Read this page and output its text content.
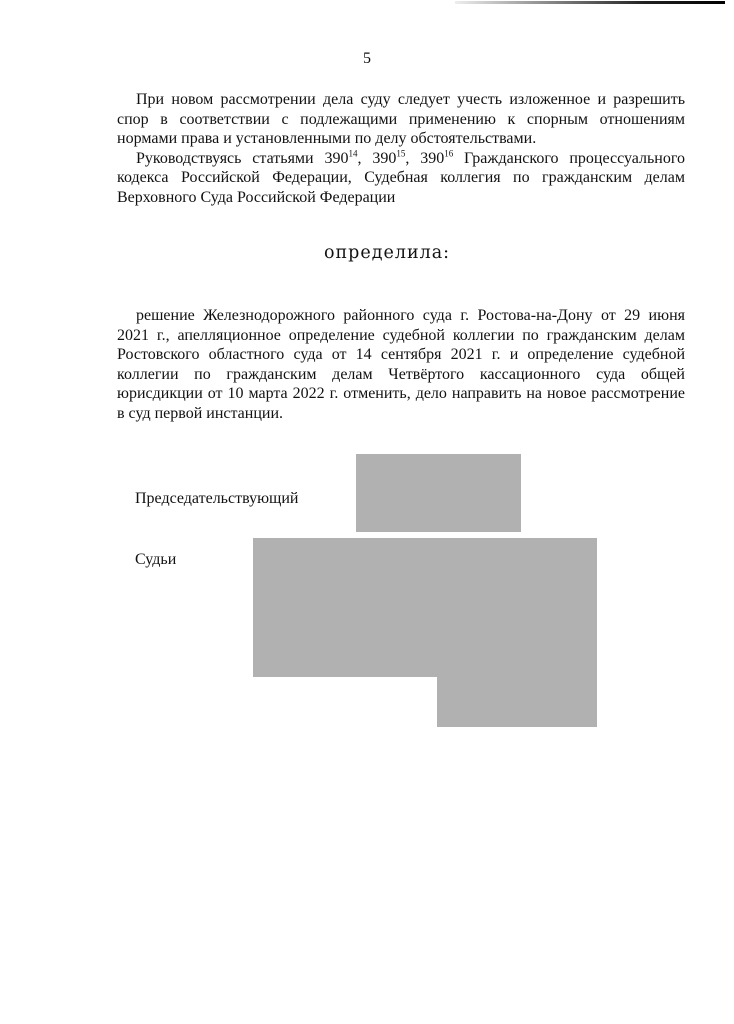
5

При новом рассмотрении дела суду следует учесть изложенное и разрешить спор в соответствии с подлежащими применению к спорным отношениям нормами права и установленными по делу обстоятельствами.

Руководствуясь статьями $390^{14}$, $390^{15}$, $390^{16}$ Гражданского процессуального кодекса Российской Федерации, Судебная коллегия по гражданским делам Верховного Суда Российской Федерации

определила:

решение Железнодорожного районного суда г. Ростова-на-Дону от 29 июня 2021 г., апелляционное определение судебной коллегии по гражданским делам Ростовского областного суда от 14 сентября 2021 г. и определение судебной коллегии по гражданским делам Четвёртого кассационного суда общей юрисдикции от 10 марта 2022 г. отменить, дело направить на новое рассмотрение в суд первой инстанции.

Председательствующий
Судьи
